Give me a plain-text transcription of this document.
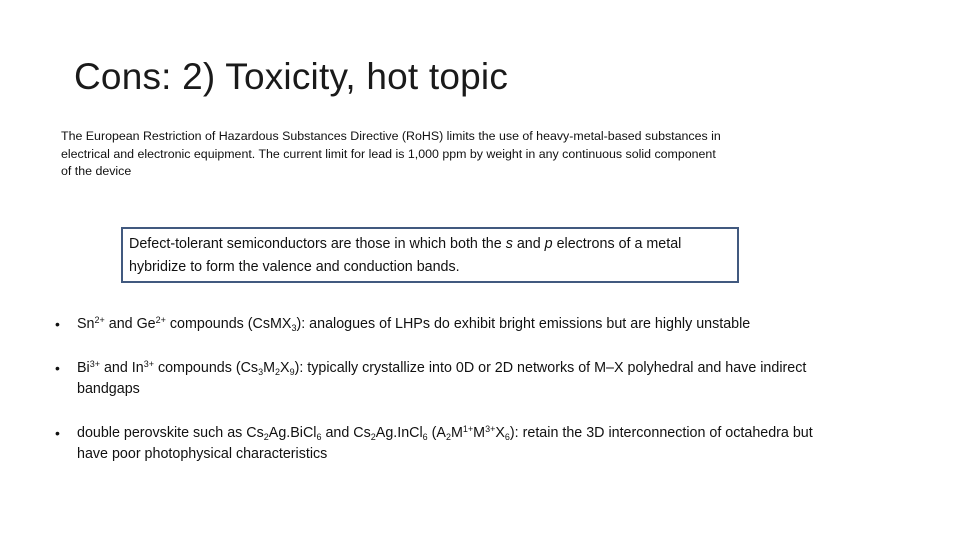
Cons: 2) Toxicity, hot topic
The European Restriction of Hazardous Substances Directive (RoHS) limits the use of heavy-metal-based substances in electrical and electronic equipment. The current limit for lead is 1,000 ppm by weight in any continuous solid component of the device
Defect-tolerant semiconductors are those in which both the s and p electrons of a metal hybridize to form the valence and conduction bands.
• $Sn^{2+}$ and $Ge^{2+}$ compounds (CsMX$_3$): analogues of LHPs do exhibit bright emissions but are highly unstable
• $Bi^{3+}$ and $In^{3+}$ compounds $(Cs_3M_2X_9)$: typically crystallize into 0D or 2D networks of M–X polyhedral and have indirect bandgaps
• double perovskite such as $Cs_2Ag.BiCl_6$ and $Cs_2Ag.InCl_6$ $(A_2M^{1+}M^{3+}X_6)$: retain the 3D interconnection of octahedra but have poor photophysical characteristics
